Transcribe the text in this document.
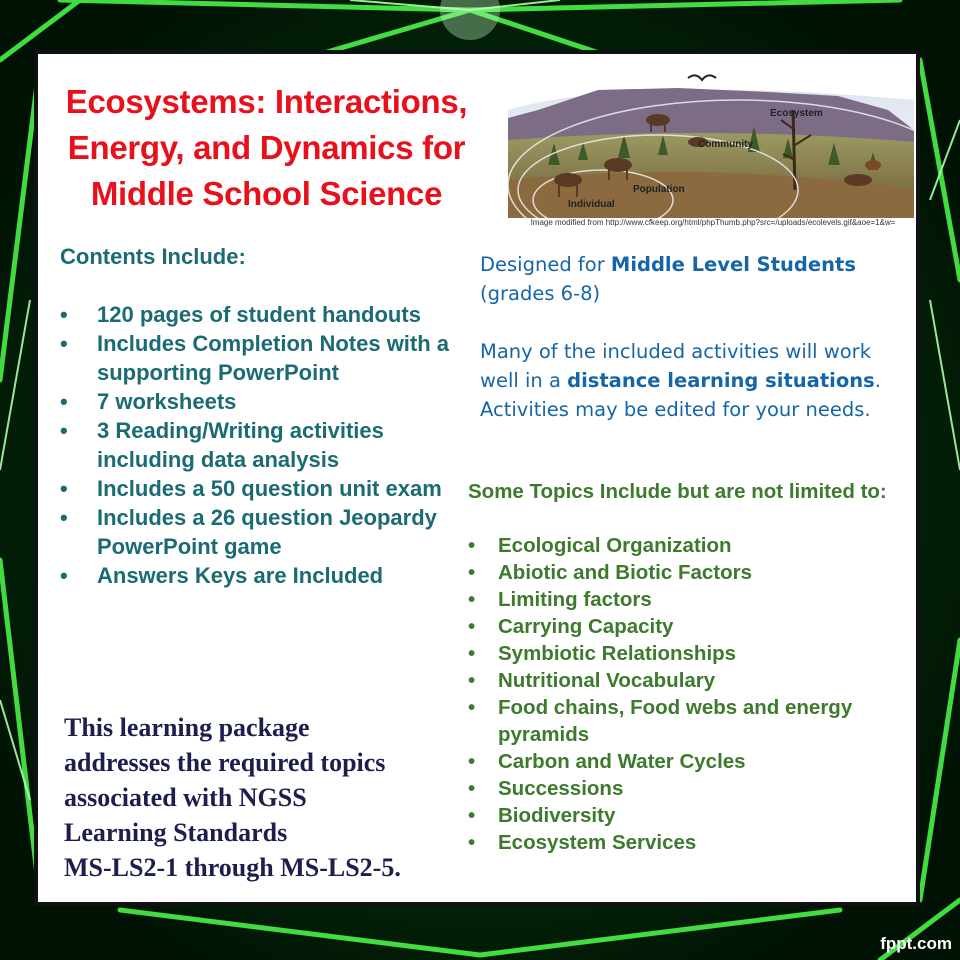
Ecosystems: Interactions,
Energy, and Dynamics for
Middle School Science
Ecosystem
Community
Population
Individual
Image modified from http://www.cfkeep.org/html/phpThumb.php?src=/uploads/ecolevels.gif&aoe=1&w=
Contents Include:
• 120 pages of student handouts
• Includes Completion Notes with a supporting PowerPoint
• 7 worksheets
• 3 Reading/Writing activities including data analysis
• Includes a 50 question unit exam
• Includes a 26 question Jeopardy PowerPoint game
• Answers Keys are Included
This learning package
addresses the required topics
associated with NGSS
Learning Standards
MS-LS2-1 through MS-LS2-5.

Designed for Middle Level Students
(grades 6-8)

Many of the included activities will work well in a distance learning situations. Activities may be edited for your needs.

Some Topics Include but are not limited to:
• Ecological Organization
• Abiotic and Biotic Factors
• Limiting factors
• Carrying Capacity
• Symbiotic Relationships
• Nutritional Vocabulary
• Food chains, Food webs and energy pyramids
• Carbon and Water Cycles
• Successions
• Biodiversity
• Ecosystem Services
fppt.com
